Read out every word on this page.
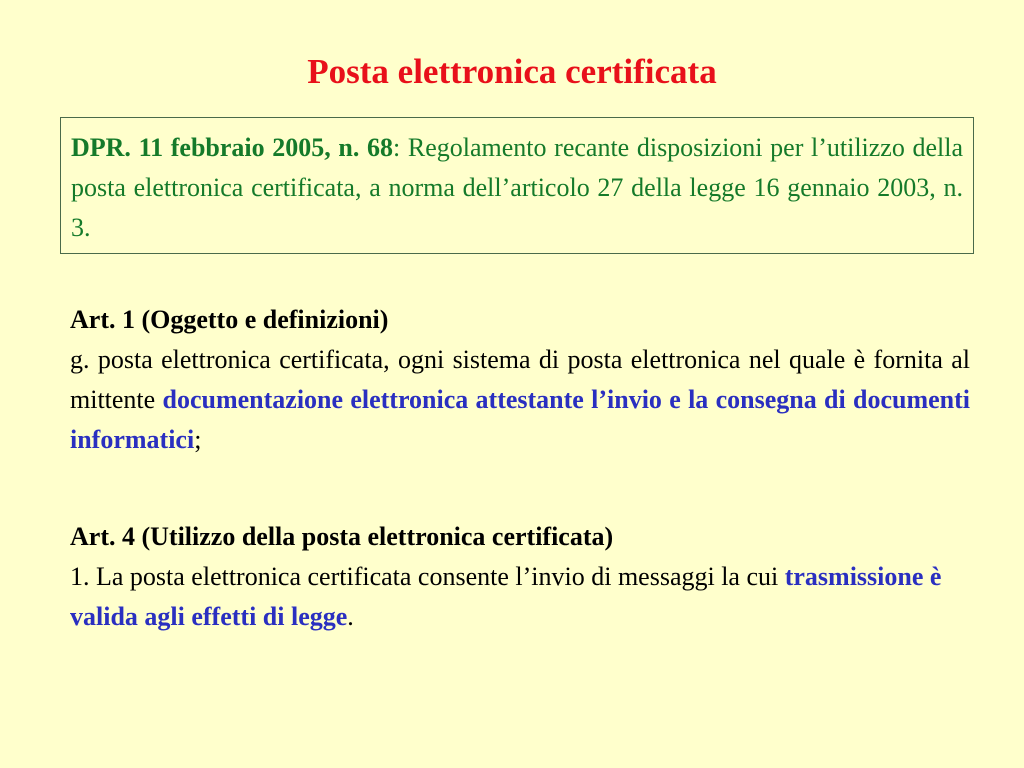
Posta elettronica certificata
DPR. 11 febbraio 2005, n. 68: Regolamento recante disposizioni per l’utilizzo della posta elettronica certificata, a norma dell’articolo 27 della legge 16 gennaio 2003, n. 3.
Art. 1 (Oggetto e definizioni)
g. posta elettronica certificata, ogni sistema di posta elettronica nel quale è fornita al mittente documentazione elettronica attestante l’invio e la consegna di documenti informatici;
Art. 4 (Utilizzo della posta elettronica certificata)
1. La posta elettronica certificata consente l’invio di messaggi la cui trasmissione è valida agli effetti di legge.
